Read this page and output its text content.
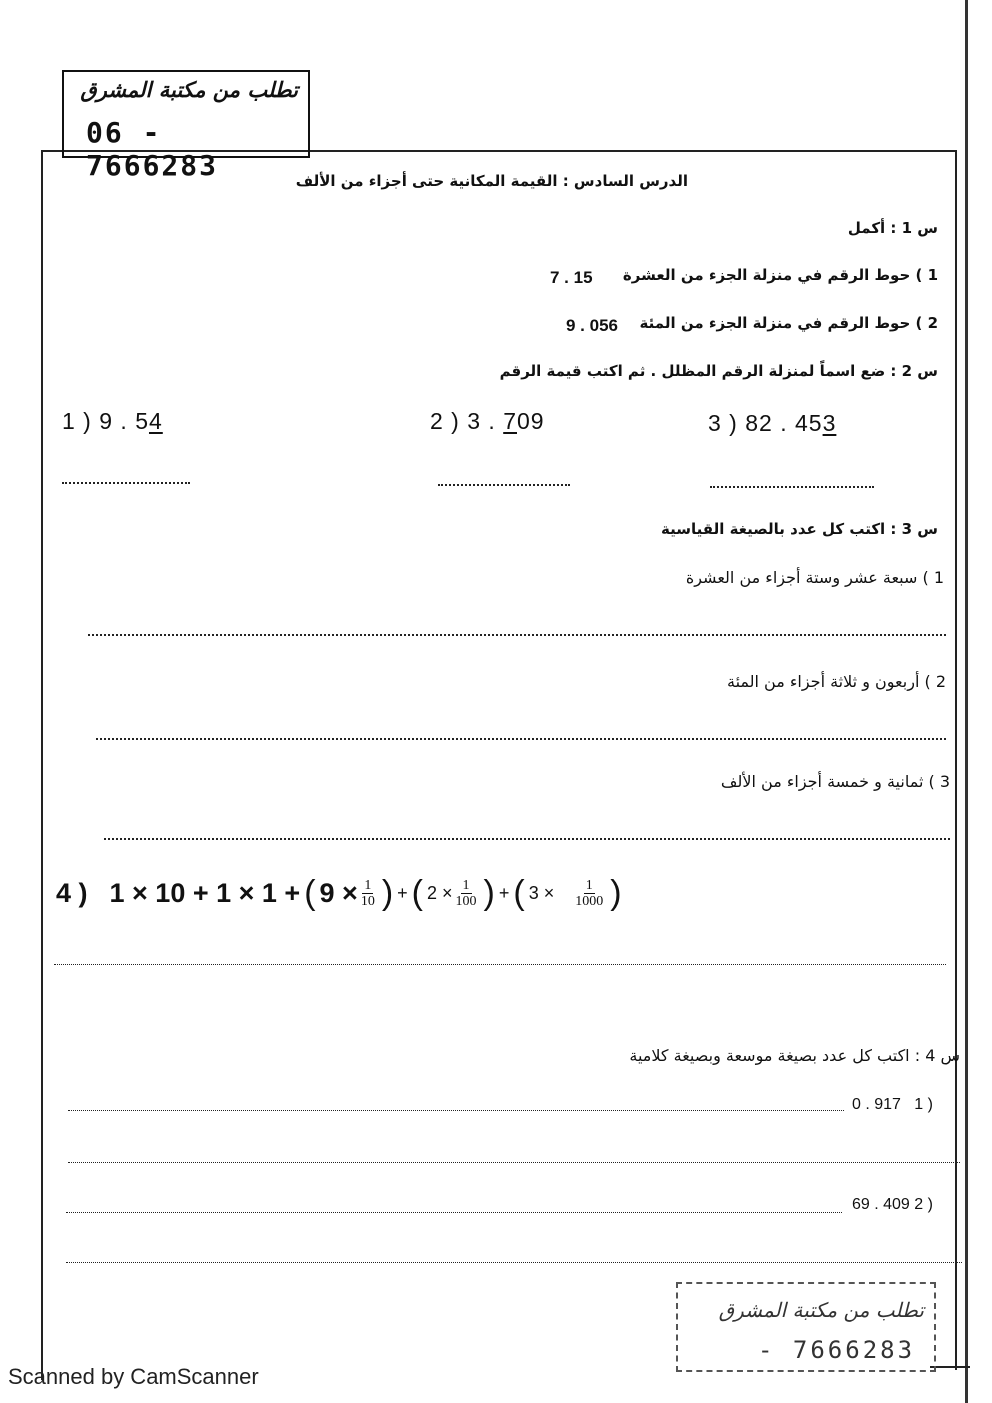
تطلب من مكتبة المشرق
06 - 7666283	الدرس السادس : القيمة المكانية حتى أجزاء من الألف
س 1 : أكمل
1 ) حوط الرقم في منزلة الجزء من العشرة
7 . 15
2 ) حوط الرقم في منزلة الجزء من المئة
9 . 056
س 2 : ضع اسماً لمنزلة الرقم المظلل . ثم اكتب قيمة الرقم
1 ) 9 . 54	2 ) 3 . 709	3 ) 82 . 453
س 3 : اكتب كل عدد بالصيغة القياسية
1 ) سبعة عشر وستة أجزاء من العشرة
2 ) أربعون و ثلاثة أجزاء من المئة
3 ) ثمانية و خمسة أجزاء من الألف
4 ) 1 × 10 + 1 × 1 + ( $9 \times \frac{1}{10}$ ) + ( $2 \times \frac{1}{100}$ ) + ( $3 \times \frac{1}{1000}$ )
س 4 : اكتب كل عدد بصيغة موسعة وبصيغة كلامية
0 . 917 1 )
69 . 409 2 )
تطلب من مكتبة المشرق
- 7666283
Scanned by CamScanner
